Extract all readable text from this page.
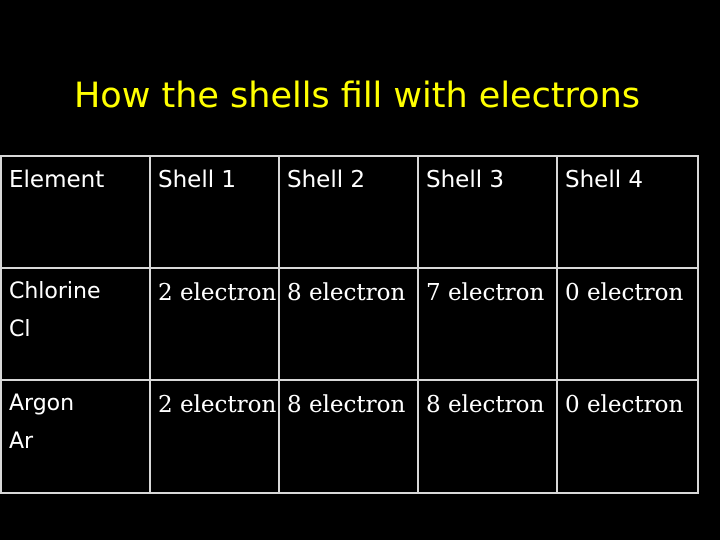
How the shells fill with electrons
Element	Shell 1	Shell 2	Shell 3	Shell 4

Chlorine
Cl	2 electron	8 electron	7 electron	0 electron

Argon
Ar	2 electron	8 electron	8 electron	0 electron
